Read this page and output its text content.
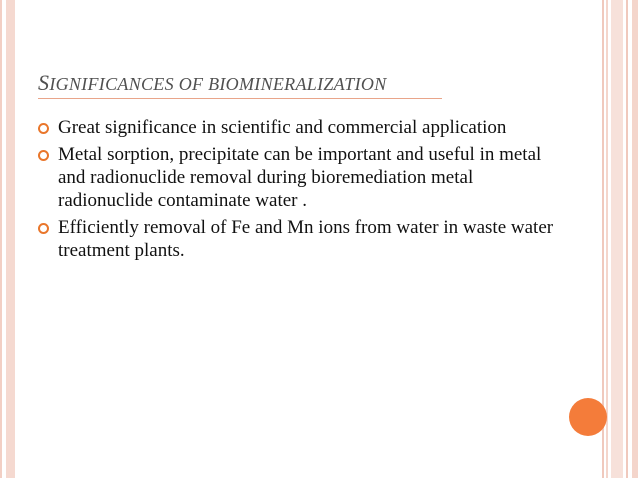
SIGNIFICANCES OF BIOMINERALIZATION
Great significance in scientific and commercial application
Metal sorption, precipitate can be important and useful in metal and radionuclide removal during bioremediation metal radionuclide contaminate water .
Efficiently removal of Fe and Mn ions from water in waste water treatment plants.
